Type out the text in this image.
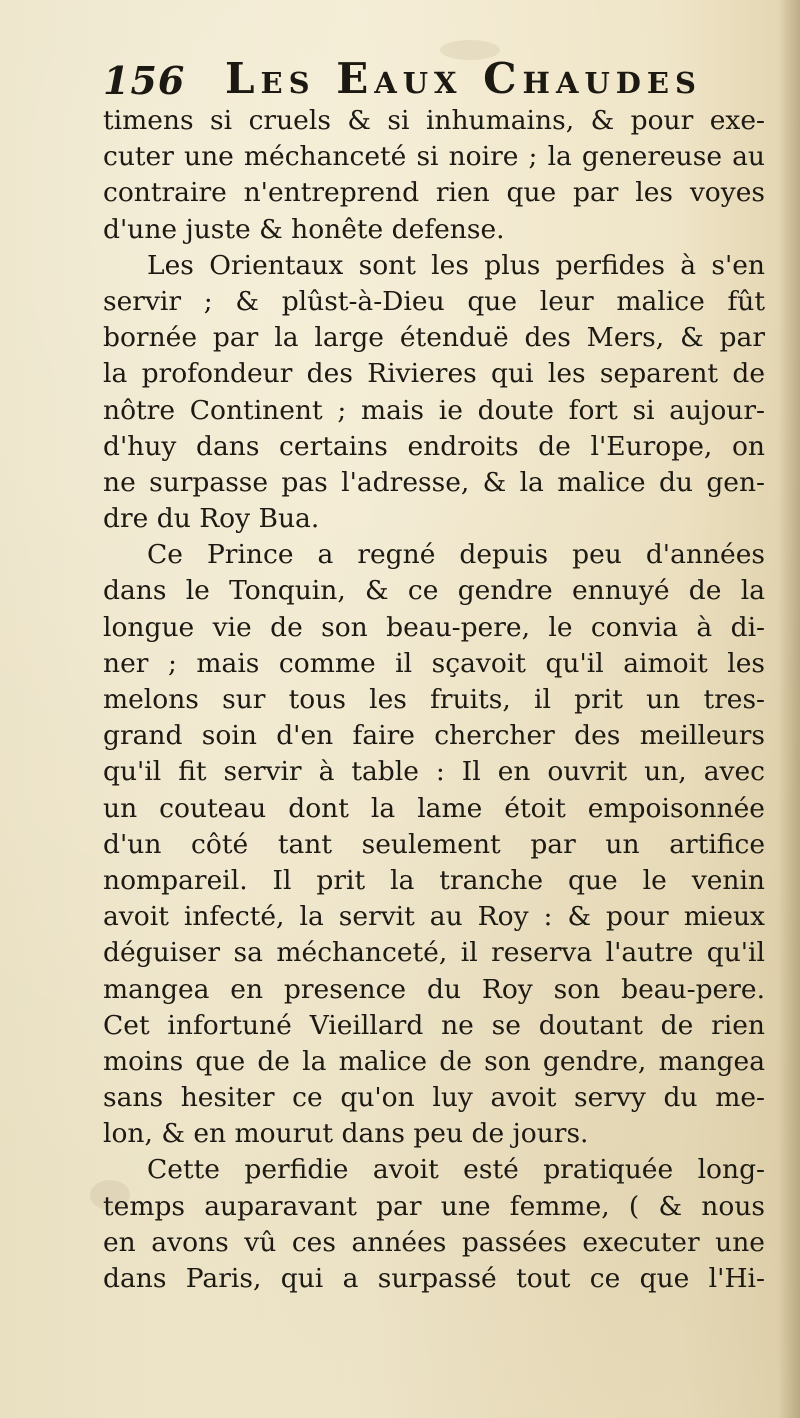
156 Les Eaux Chaudes
timens si cruels & si inhumains, & pour exe-
cuter une méchanceté si noire ; la genereuse au
contraire n'entreprend rien que par les voyes
d'une juste & honête defense.
Les Orientaux sont les plus perfides à s'en
servir ; & plûst-à-Dieu que leur malice fût
bornée par la large étenduë des Mers, & par
la profondeur des Rivieres qui les separent de
nôtre Continent ; mais ie doute fort si aujour-
d'huy dans certains endroits de l'Europe, on
ne surpasse pas l'adresse, & la malice du gen-
dre du Roy Bua.
Ce Prince a regné depuis peu d'années
dans le Tonquin, & ce gendre ennuyé de la
longue vie de son beau-pere, le convia à di-
ner ; mais comme il sçavoit qu'il aimoit les
melons sur tous les fruits, il prit un tres-
grand soin d'en faire chercher des meilleurs
qu'il fit servir à table : Il en ouvrit un, avec
un couteau dont la lame étoit empoisonnée
d'un côté tant seulement par un artifice
nompareil. Il prit la tranche que le venin
avoit infecté, la servit au Roy : & pour mieux
déguiser sa méchanceté, il reserva l'autre qu'il
mangea en presence du Roy son beau-pere.
Cet infortuné Vieillard ne se doutant de rien
moins que de la malice de son gendre, mangea
sans hesiter ce qu'on luy avoit servy du me-
lon, & en mourut dans peu de jours.
Cette perfidie avoit esté pratiquée long-
temps auparavant par une femme, ( & nous
en avons vû ces années passées executer une
dans Paris, qui a surpassé tout ce que l'Hi-
